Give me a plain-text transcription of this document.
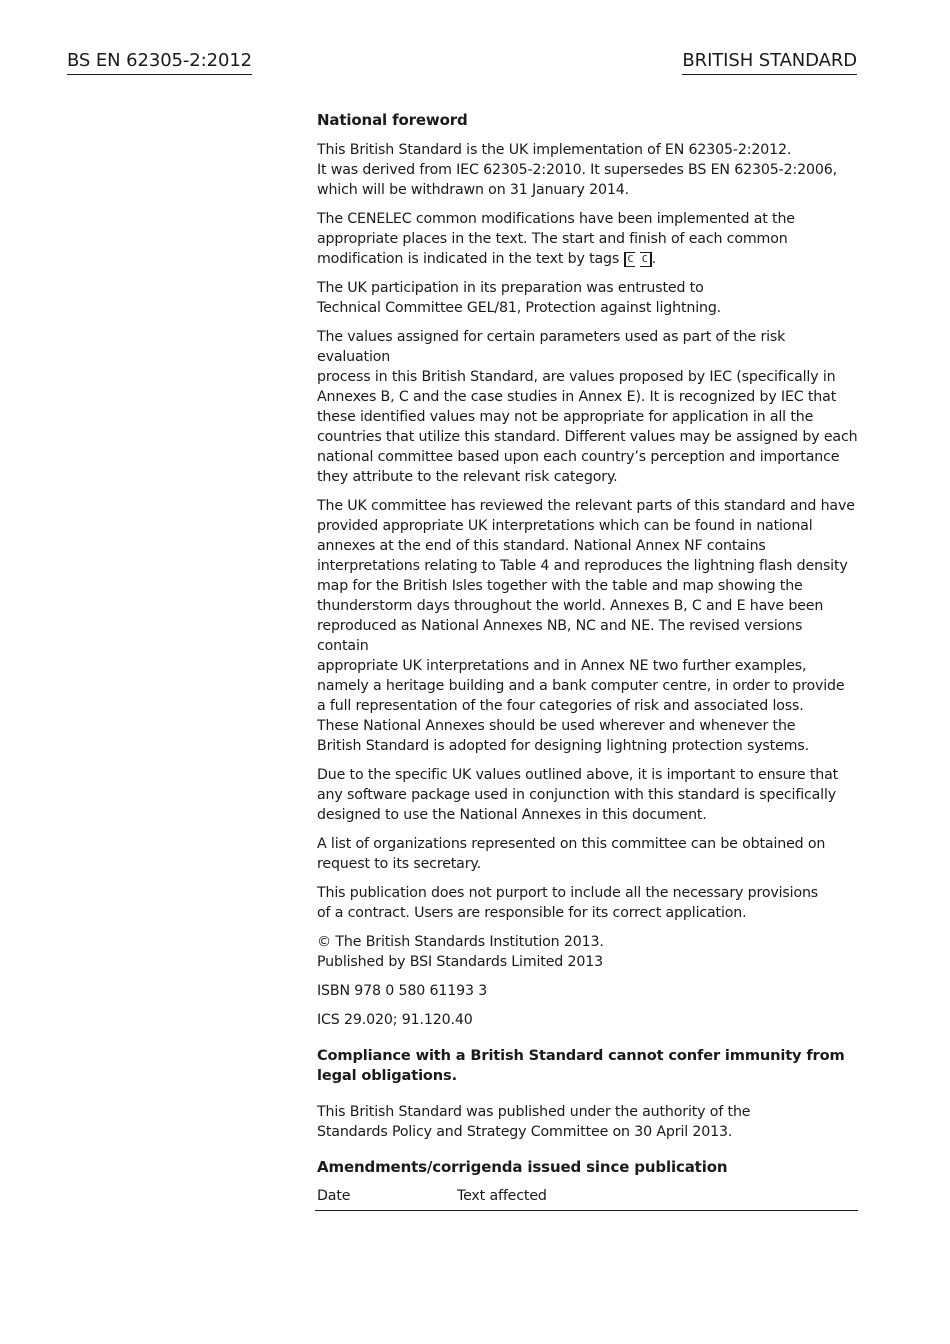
BS EN 62305-2:2012	BRITISH STANDARD
National foreword

This British Standard is the UK implementation of EN 62305-2:2012.
It was derived from IEC 62305-2:2010. It supersedes BS EN 62305-2:2006,
which will be withdrawn on 31 January 2014.

The CENELEC common modifications have been implemented at the
appropriate places in the text. The start and finish of each common
modification is indicated in the text by tags C C .

The UK participation in its preparation was entrusted to
Technical Committee GEL/81, Protection against lightning.

The values assigned for certain parameters used as part of the risk evaluation
process in this British Standard, are values proposed by IEC (specifically in
Annexes B, C and the case studies in Annex E). It is recognized by IEC that
these identified values may not be appropriate for application in all the
countries that utilize this standard. Different values may be assigned by each
national committee based upon each country’s perception and importance
they attribute to the relevant risk category.

The UK committee has reviewed the relevant parts of this standard and have
provided appropriate UK interpretations which can be found in national
annexes at the end of this standard. National Annex NF contains
interpretations relating to Table 4 and reproduces the lightning flash density
map for the British Isles together with the table and map showing the
thunderstorm days throughout the world. Annexes B, C and E have been
reproduced as National Annexes NB, NC and NE. The revised versions contain
appropriate UK interpretations and in Annex NE two further examples,
namely a heritage building and a bank computer centre, in order to provide
a full representation of the four categories of risk and associated loss.
These National Annexes should be used wherever and whenever the
British Standard is adopted for designing lightning protection systems.

Due to the specific UK values outlined above, it is important to ensure that
any software package used in conjunction with this standard is specifically
designed to use the National Annexes in this document.

A list of organizations represented on this committee can be obtained on
request to its secretary.

This publication does not purport to include all the necessary provisions
of a contract. Users are responsible for its correct application.

© The British Standards Institution 2013.
Published by BSI Standards Limited 2013

ISBN 978 0 580 61193 3

ICS 29.020; 91.120.40

Compliance with a British Standard cannot confer immunity from
legal obligations.

This British Standard was published under the authority of the
Standards Policy and Strategy Committee on 30 April 2013.

Amendments/corrigenda issued since publication
Date	Text affected
